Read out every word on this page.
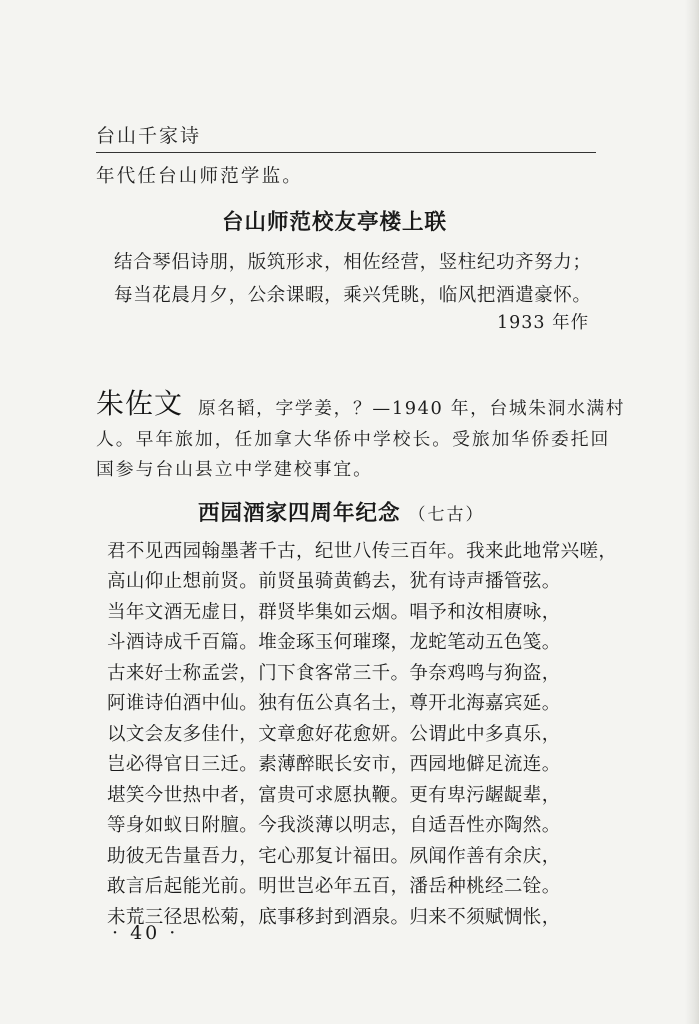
台山千家诗
年代任台山师范学监。
台山师范校友亭楼上联
结合琴侣诗朋，版筑形求，相佐经营，竖柱纪功齐努力；
每当花晨月夕，公余课暇，乘兴凭眺，临风把酒遣豪怀。
1933 年作
朱佐文 原名韬，字学姜，？—1940 年，台城朱洞水满村
人。早年旅加，任加拿大华侨中学校长。受旅加华侨委托回
国参与台山县立中学建校事宜。
西园酒家四周年纪念 （七古）
君不见西园翰墨著千古，纪世八传三百年。我来此地常兴嗟，
高山仰止想前贤。前贤虽骑黄鹤去，犹有诗声播管弦。
当年文酒无虚日，群贤毕集如云烟。唱予和汝相赓咏，
斗酒诗成千百篇。堆金琢玉何璀璨，龙蛇笔动五色笺。
古来好士称孟尝，门下食客常三千。争奈鸡鸣与狗盗，
阿谁诗伯酒中仙。独有伍公真名士，尊开北海嘉宾延。
以文会友多佳什，文章愈好花愈妍。公谓此中多真乐，
岂必得官日三迁。素薄醉眠长安市，西园地僻足流连。
堪笑今世热中者，富贵可求愿执鞭。更有卑污龌龊辈，
等身如蚁日附膻。今我淡薄以明志，自适吾性亦陶然。
助彼无告量吾力，宅心那复计福田。夙闻作善有余庆，
敢言后起能光前。明世岂必年五百，潘岳种桃经二铨。
未荒三径思松菊，底事移封到酒泉。归来不须赋惆怅，
· 40 ·
